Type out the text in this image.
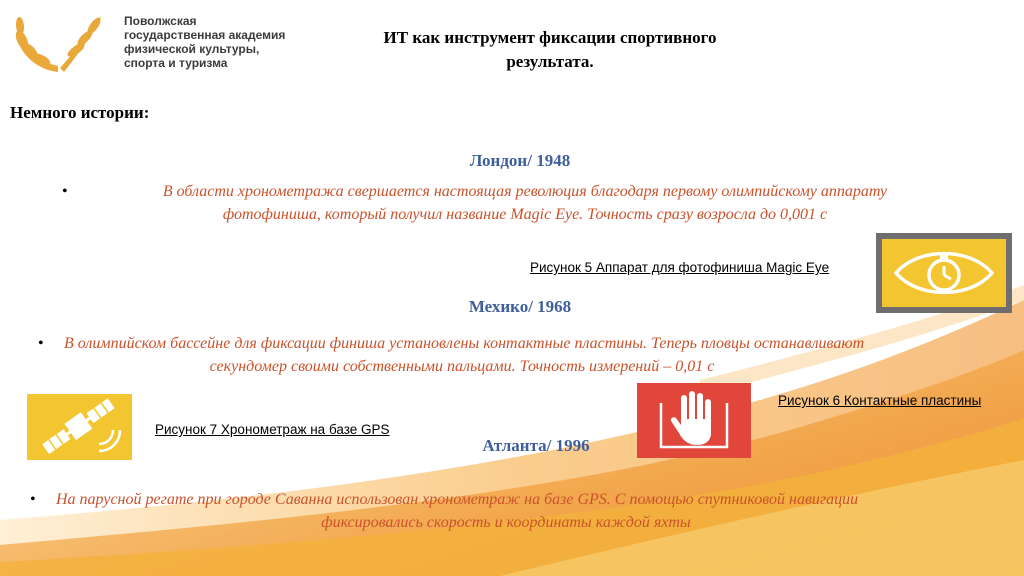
Поволжская
государственная академия
физической культуры,
спорта и туризма
ИТ как инструмент фиксации спортивного
результата.
Немного истории:
Лондон/ 1948
•	В области хронометража свершается настоящая революция благодаря первому олимпийскому аппарату
фотофиниша, который получил название Magic Eye. Точность сразу возросла до 0,001 с
Рисунок 5 Аппарат для фотофиниша Magic Eye
Мехико/ 1968
•	В олимпийском бассейне для фиксации финиша установлены контактные пластины. Теперь пловцы останавливают
секундомер своими собственными пальцами. Точность измерений – 0,01 с
Рисунок 6 Контактные пластины
Рисунок 7 Хронометраж на базе GPS
Атланта/ 1996
•	На парусной регате при городе Саванна использован хронометраж на базе GPS. С помощью спутниковой навигации
фиксировались скорость и координаты каждой яхты
